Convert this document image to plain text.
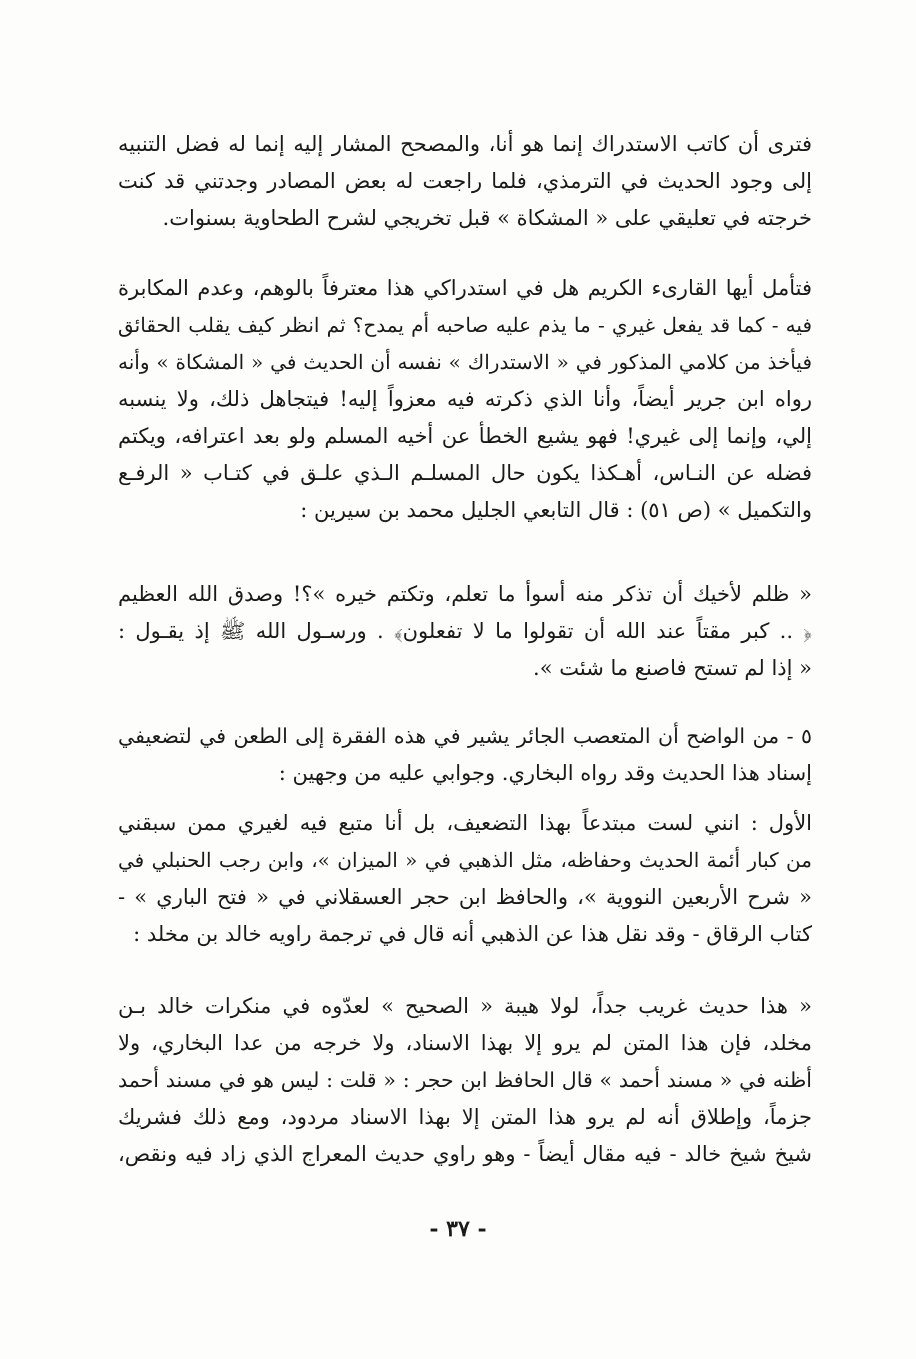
فترى أن كاتب الاستدراك إنما هو أنا، والمصحح المشار إليه إنما له فضل التنبيه
إلى وجود الحديث في الترمذي، فلما راجعت له بعض المصادر وجدتني قد كنت
خرجته في تعليقي على « المشكاة » قبل تخريجي لشرح الطحاوية بسنوات.
فتأمل أيها القارىء الكريم هل في استدراكي هذا معترفاً بالوهم، وعدم المكابرة
فيه - كما قد يفعل غيري - ما يذم عليه صاحبه أم يمدح؟ ثم انظر كيف يقلب الحقائق
فيأخذ من كلامي المذكور في « الاستدراك » نفسه أن الحديث في « المشكاة » وأنه
رواه ابن جرير أيضاً، وأنا الذي ذكرته فيه معزواً إليه! فيتجاهل ذلك، ولا ينسبه
إلي، وإنما إلى غيري! فهو يشيع الخطأ عن أخيه المسلم ولو بعد اعترافه، ويكتم
فضله عن النـاس، أهـكذا يكون حال المسلـم الـذي علـق في كتـاب « الرفـع
والتكميل » (ص ٥١) : قال التابعي الجليل محمد بن سيرين :
« ظلم لأخيك أن تذكر منه أسوأ ما تعلم، وتكتم خيره »؟! وصدق الله العظيم
﴿ .. كبر مقتاً عند الله أن تقولوا ما لا تفعلون﴾ . ورسـول الله ﷺ إذ يقـول :
« إذا لم تستح فاصنع ما شئت ».
٥ - من الواضح أن المتعصب الجائر يشير في هذه الفقرة إلى الطعن في لتضعيفي
إسناد هذا الحديث وقد رواه البخاري. وجوابي عليه من وجهين :
الأول : انني لست مبتدعاً بهذا التضعيف، بل أنا متبع فيه لغيري ممن سبقني
من كبار أئمة الحديث وحفاظه، مثل الذهبي في « الميزان »، وابن رجب الحنبلي في
« شرح الأربعين النووية »، والحافظ ابن حجر العسقلاني في « فتح الباري » -
كتاب الرقاق - وقد نقل هذا عن الذهبي أنه قال في ترجمة راويه خالد بن مخلد :
« هذا حديث غريب جداً، لولا هيبة « الصحيح » لعدّوه في منكرات خالد بـن
مخلد، فإن هذا المتن لم يرو إلا بهذا الاسناد، ولا خرجه من عدا البخاري، ولا
أظنه في « مسند أحمد » قال الحافظ ابن حجر : « قلت : ليس هو في مسند أحمد
جزماً، وإطلاق أنه لم يرو هذا المتن إلا بهذا الاسناد مردود، ومع ذلك فشريك
شيخ شيخ خالد - فيه مقال أيضاً - وهو راوي حديث المعراج الذي زاد فيه ونقص،
- ٣٧ -
